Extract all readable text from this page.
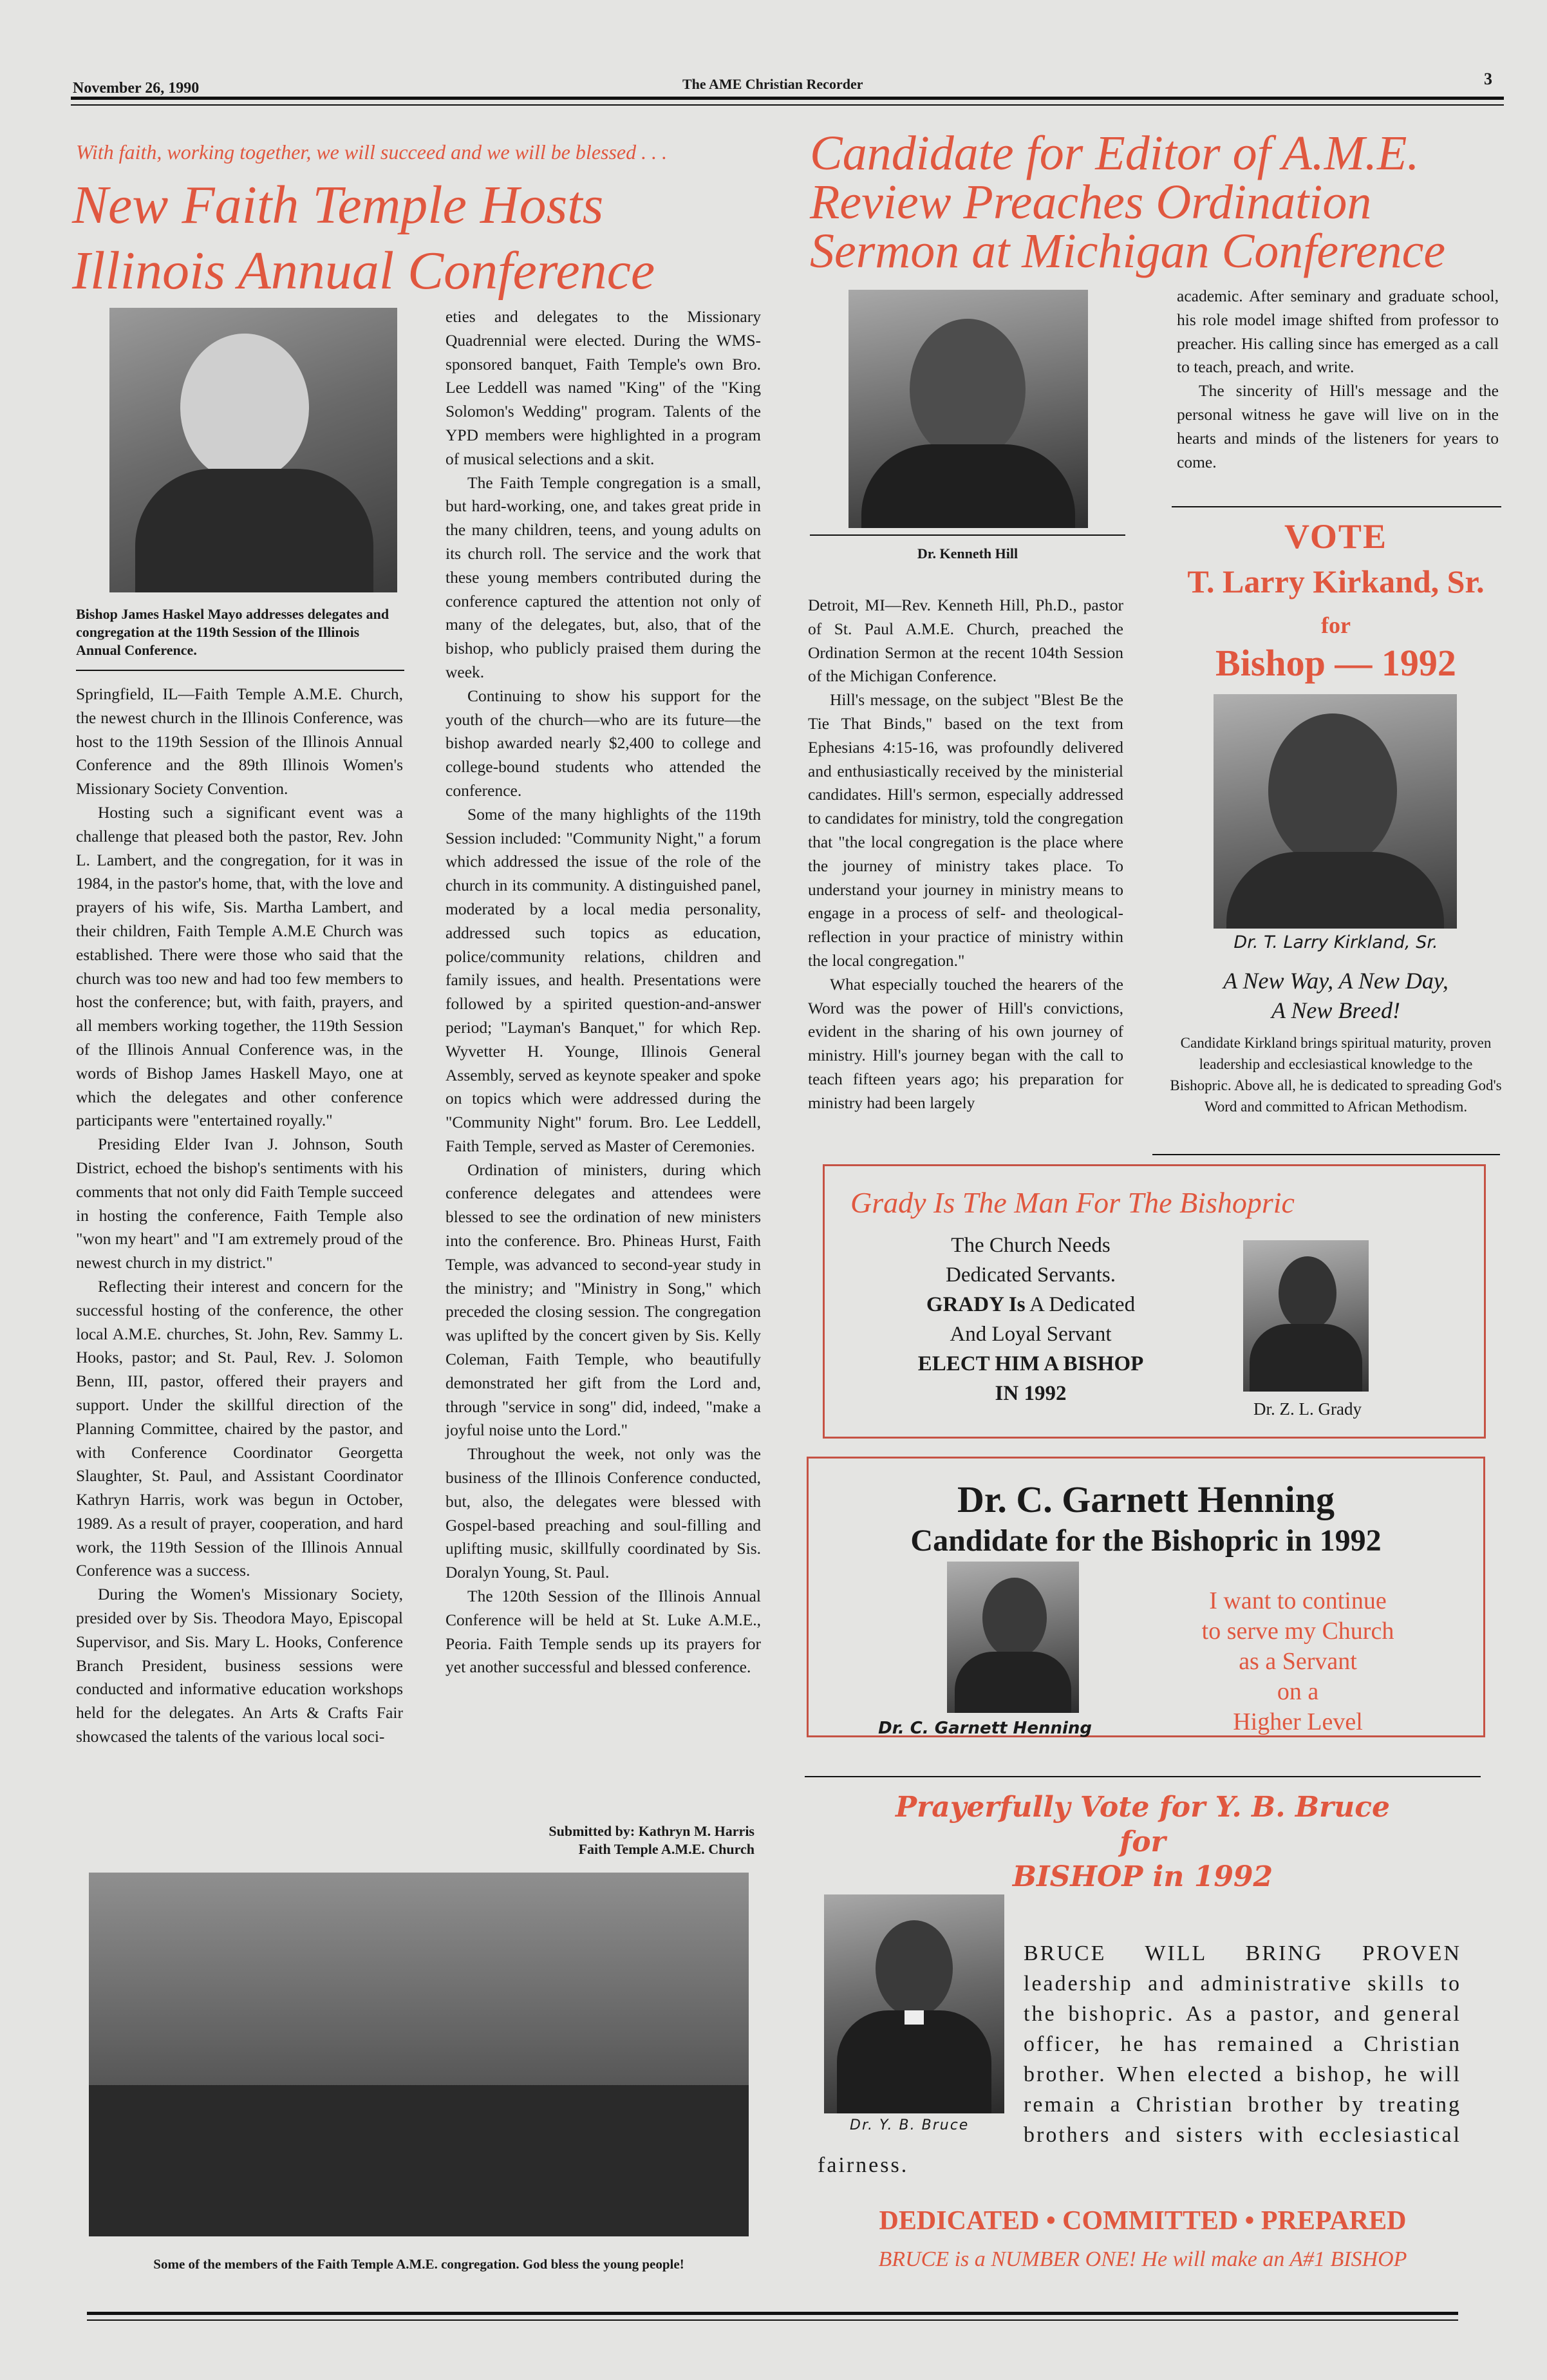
November 26, 1990	The AME Christian Recorder	3
With faith, working together, we will succeed and we will be blessed . . .
New Faith Temple Hosts
Illinois Annual Conference
Bishop James Haskel Mayo addresses delegates and congregation at the 119th Session of the Illinois Annual Conference.

Springfield, IL—Faith Temple A.M.E. Church, the newest church in the Illinois Conference, was host to the 119th Session of the Illinois Annual Conference and the 89th Illinois Women's Missionary Society Convention.

Hosting such a significant event was a challenge that pleased both the pastor, Rev. John L. Lambert, and the congregation, for it was in 1984, in the pastor's home, that, with the love and prayers of his wife, Sis. Martha Lambert, and their children, Faith Temple A.M.E Church was established. There were those who said that the church was too new and had too few members to host the conference; but, with faith, prayers, and all members working together, the 119th Session of the Illinois Annual Conference was, in the words of Bishop James Haskell Mayo, one at which the delegates and other conference participants were "entertained royally."

Presiding Elder Ivan J. Johnson, South District, echoed the bishop's sentiments with his comments that not only did Faith Temple succeed in hosting the conference, Faith Temple also "won my heart" and "I am extremely proud of the newest church in my district."

Reflecting their interest and concern for the successful hosting of the conference, the other local A.M.E. churches, St. John, Rev. Sammy L. Hooks, pastor; and St. Paul, Rev. J. Solomon Benn, III, pastor, offered their prayers and support. Under the skillful direction of the Planning Committee, chaired by the pastor, and with Conference Coordinator Georgetta Slaughter, St. Paul, and Assistant Coordinator Kathryn Harris, work was begun in October, 1989. As a result of prayer, cooperation, and hard work, the 119th Session of the Illinois Annual Conference was a success.

During the Women's Missionary Society, presided over by Sis. Theodora Mayo, Episcopal Supervisor, and Sis. Mary L. Hooks, Conference Branch President, business sessions were conducted and informative education workshops held for the delegates. An Arts & Crafts Fair showcased the talents of the various local soci-

eties and delegates to the Missionary Quadrennial were elected. During the WMS-sponsored banquet, Faith Temple's own Bro. Lee Leddell was named "King" of the "King Solomon's Wedding" program. Talents of the YPD members were highlighted in a program of musical selections and a skit.

The Faith Temple congregation is a small, but hard-working, one, and takes great pride in the many children, teens, and young adults on its church roll. The service and the work that these young members contributed during the conference captured the attention not only of many of the delegates, but, also, that of the bishop, who publicly praised them during the week.

Continuing to show his support for the youth of the church—who are its future—the bishop awarded nearly $2,400 to college and college-bound students who attended the conference.

Some of the many highlights of the 119th Session included: "Community Night," a forum which addressed the issue of the role of the church in its community. A distinguished panel, moderated by a local media personality, addressed such topics as education, police/community relations, children and family issues, and health. Presentations were followed by a spirited question-and-answer period; "Layman's Banquet," for which Rep. Wyvetter H. Younge, Illinois General Assembly, served as keynote speaker and spoke on topics which were addressed during the "Community Night" forum. Bro. Lee Leddell, Faith Temple, served as Master of Ceremonies.

Ordination of ministers, during which conference delegates and attendees were blessed to see the ordination of new ministers into the conference. Bro. Phineas Hurst, Faith Temple, was advanced to second-year study in the ministry; and "Ministry in Song," which preceded the closing session. The congregation was uplifted by the concert given by Sis. Kelly Coleman, Faith Temple, who beautifully demonstrated her gift from the Lord and, through "service in song" did, indeed, "make a joyful noise unto the Lord."

Throughout the week, not only was the business of the Illinois Conference conducted, but, also, the delegates were blessed with Gospel-based preaching and soul-filling and uplifting music, skillfully coordinated by Sis. Doralyn Young, St. Paul.

The 120th Session of the Illinois Annual Conference will be held at St. Luke A.M.E., Peoria. Faith Temple sends up its prayers for yet another successful and blessed conference.

Submitted by: Kathryn M. Harris
Faith Temple A.M.E. Church
Some of the members of the Faith Temple A.M.E. congregation. God bless the young people!
Candidate for Editor of A.M.E.
Review Preaches Ordination
Sermon at Michigan Conference
Dr. Kenneth Hill

Detroit, MI—Rev. Kenneth Hill, Ph.D., pastor of St. Paul A.M.E. Church, preached the Ordination Sermon at the recent 104th Session of the Michigan Conference.

Hill's message, on the subject "Blest Be the Tie That Binds," based on the text from Ephesians 4:15-16, was profoundly delivered and enthusiastically received by the ministerial candidates. Hill's sermon, especially addressed to candidates for ministry, told the congregation that "the local congregation is the place where the journey of ministry takes place. To understand your journey in ministry means to engage in a process of self- and theological-reflection in your practice of ministry within the local congregation."

What especially touched the hearers of the Word was the power of Hill's convictions, evident in the sharing of his own journey of ministry. Hill's journey began with the call to teach fifteen years ago; his preparation for ministry had been largely

academic. After seminary and graduate school, his role model image shifted from professor to preacher. His calling since has emerged as a call to teach, preach, and write.

The sincerity of Hill's message and the personal witness he gave will live on in the hearts and minds of the listeners for years to come.

VOTE
T. Larry Kirkand, Sr.
for
Bishop — 1992
Dr. T. Larry Kirkland, Sr.
A New Way, A New Day,
A New Breed!
Candidate Kirkland brings spiritual maturity, proven leadership and ecclesiastical knowledge to the Bishopric. Above all, he is dedicated to spreading God's Word and committed to African Methodism.
Grady Is The Man For The Bishopric
The Church Needs
Dedicated Servants.
GRADY Is A Dedicated
And Loyal Servant
ELECT HIM A BISHOP
IN 1992
Dr. Z. L. Grady
Dr. C. Garnett Henning
Candidate for the Bishopric in 1992
Dr. C. Garnett Henning
I want to continue
to serve my Church
as a Servant
on a
Higher Level
Prayerfully Vote for Y. B. Bruce
for
BISHOP in 1992
Dr. Y. B. Bruce
BRUCE WILL BRING PROVEN leadership and administrative skills to the bishopric. As a pastor, and general officer, he has remained a Christian brother. When elected a bishop, he will remain a Christian brother by treating brothers and sisters with ecclesiastical fairness.
DEDICATED • COMMITTED • PREPARED
BRUCE is a NUMBER ONE! He will make an A#1 BISHOP
